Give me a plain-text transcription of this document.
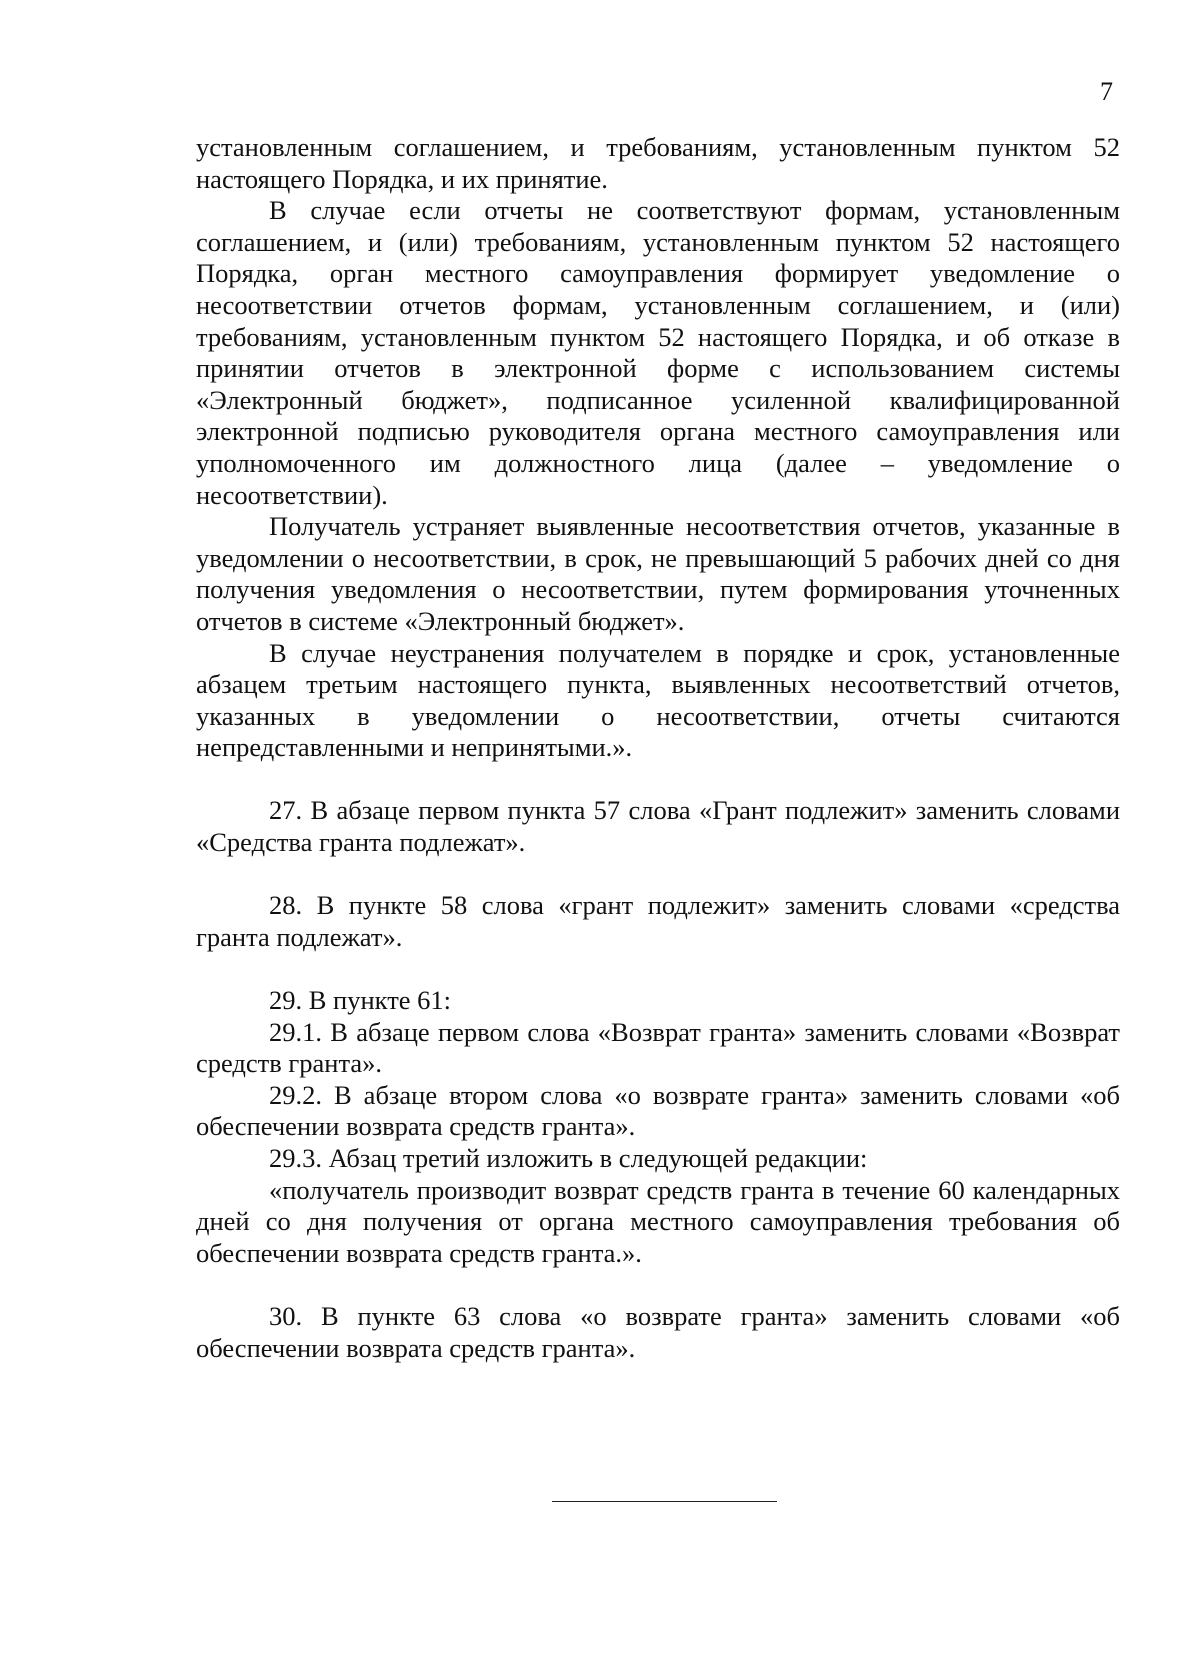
7

установленным соглашением, и требованиям, установленным пунктом 52 настоящего Порядка, и их принятие.

В случае если отчеты не соответствуют формам, установленным соглашением, и (или) требованиям, установленным пунктом 52 настоящего Порядка, орган местного самоуправления формирует уведомление о несоответствии отчетов формам, установленным соглашением, и (или) требованиям, установленным пунктом 52 настоящего Порядка, и об отказе в принятии отчетов в электронной форме с использованием системы «Электронный бюджет», подписанное усиленной квалифицированной электронной подписью руководителя органа местного самоуправления или уполномоченного им должностного лица (далее – уведомление о несоответствии).

Получатель устраняет выявленные несоответствия отчетов, указанные в уведомлении о несоответствии, в срок, не превышающий 5 рабочих дней со дня получения уведомления о несоответствии, путем формирования уточненных отчетов в системе «Электронный бюджет».

В случае неустранения получателем в порядке и срок, установленные абзацем третьим настоящего пункта, выявленных несоответствий отчетов, указанных в уведомлении о несоответствии, отчеты считаются непредставленными и непринятыми.».

27. В абзаце первом пункта 57 слова «Грант подлежит» заменить словами «Средства гранта подлежат».

28. В пункте 58 слова «грант подлежит» заменить словами «средства гранта подлежат».

29. В пункте 61:

29.1. В абзаце первом слова «Возврат гранта» заменить словами «Возврат средств гранта».

29.2. В абзаце втором слова «о возврате гранта» заменить словами «об обеспечении возврата средств гранта».

29.3. Абзац третий изложить в следующей редакции:

«получатель производит возврат средств гранта в течение 60 календарных дней со дня получения от органа местного самоуправления требования об обеспечении возврата средств гранта.».

30. В пункте 63 слова «о возврате гранта» заменить словами «об обеспечении возврата средств гранта».
